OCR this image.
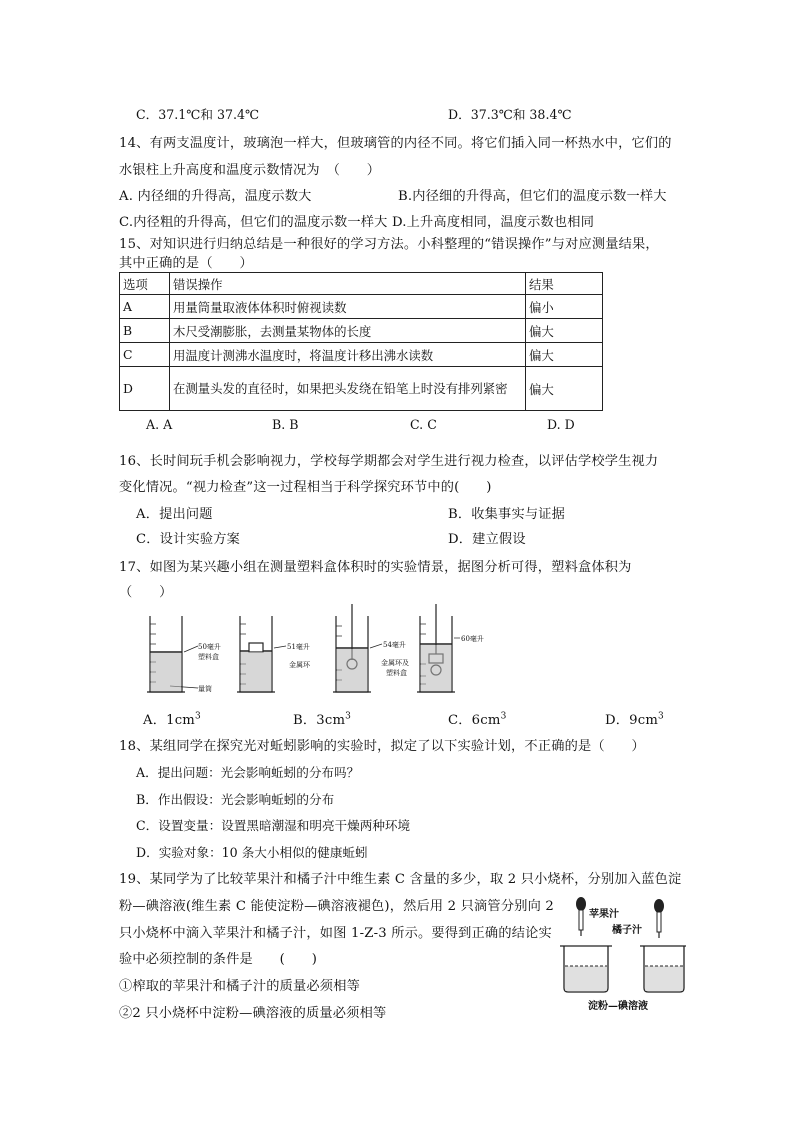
C．37.1℃和 37.4℃	D．37.3℃和 38.4℃
14、有两支温度计，玻璃泡一样大，但玻璃管的内径不同。将它们插入同一杯热水中，它们的
水银柱上升高度和温度示数情况为　（　　）
A. 内径细的升得高，温度示数大	B.内径细的升得高，但它们的温度示数一样大
C.内径粗的升得高，但它们的温度示数一样大 D.上升高度相同，温度示数也相同
15、对知识进行归纳总结是一种很好的学习方法。小科整理的“错误操作”与对应测量结果，
其中正确的是（　　）
选项	错误操作	结果
A	用量筒量取液体体积时俯视读数	偏小
B	木尺受潮膨胀，去测量某物体的长度	偏大
C	用温度计测沸水温度时，将温度计移出沸水读数	偏大
D	在测量头发的直径时，如果把头发绕在铅笔上时没有排列紧密	偏大
A. A	B. B	C. C	D. D
16、长时间玩手机会影响视力，学校每学期都会对学生进行视力检查，以评估学校学生视力
变化情况。“视力检查”这一过程相当于科学探究环节中的(　　)
A．提出问题	B．收集事实与证据
C．设计实验方案	D．建立假设
17、如图为某兴趣小组在测量塑料盒体积时的实验情景，据图分析可得，塑料盒体积为
（　　）
50毫升
塑料盒
量筒
51毫升	54毫升
金属环
60毫升
金属环及
塑料盒
A．$1cm^3$	B．$3cm^3$	C．$6cm^3$	D．$9cm^3$
18、某组同学在探究光对蚯蚓影响的实验时，拟定了以下实验计划，不正确的是（　　）
A．提出问题：光会影响蚯蚓的分布吗？
B．作出假设：光会影响蚯蚓的分布
C．设置变量：设置黑暗潮湿和明亮干燥两种环境
D．实验对象：10 条大小相似的健康蚯蚓
19、某同学为了比较苹果汁和橘子汁中维生素 C 含量的多少，取 2 只小烧杯，分别加入蓝色淀
粉—碘溶液(维生素 C 能使淀粉—碘溶液褪色)，然后用 2 只滴管分别向 2
只小烧杯中滴入苹果汁和橘子汁，如图 1-Z-3 所示。要得到正确的结论实
验中必须控制的条件是　　(　　)
①榨取的苹果汁和橘子汁的质量必须相等
②2 只小烧杯中淀粉—碘溶液的质量必须相等
苹果汁
橘子汁
淀粉—碘溶液
